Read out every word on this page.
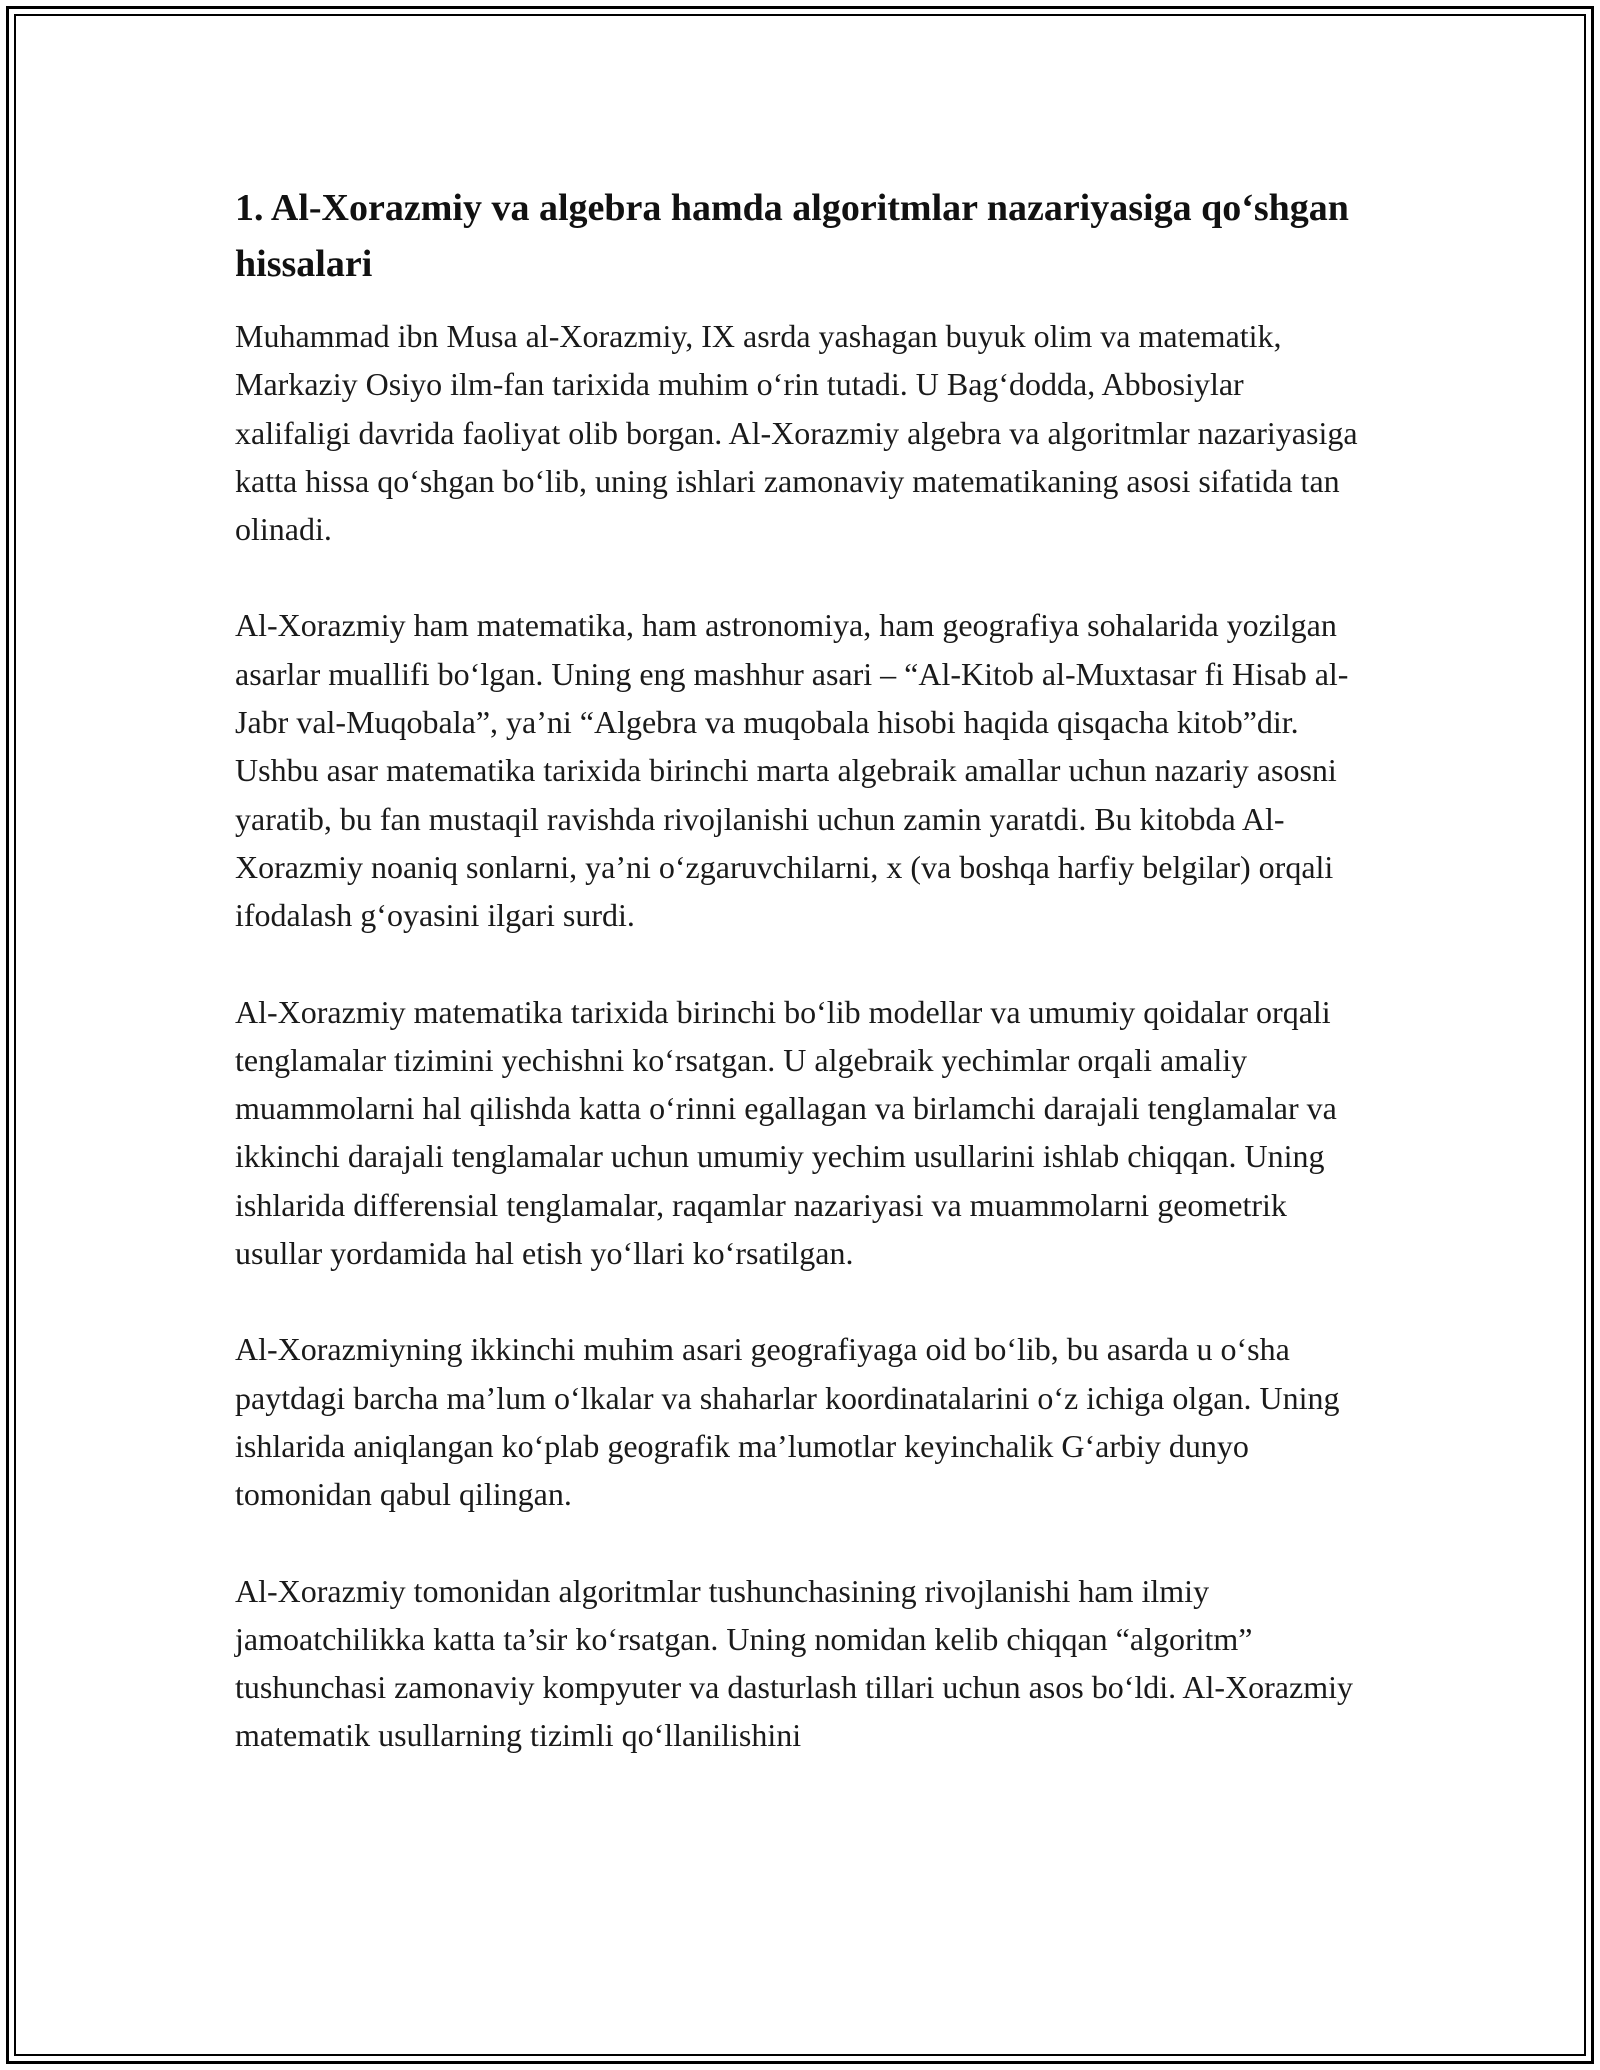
1. Al-Xorazmiy va algebra hamda algoritmlar nazariyasiga qo‘shgan hissalari

Muhammad ibn Musa al-Xorazmiy, IX asrda yashagan buyuk olim va matematik, Markaziy Osiyo ilm-fan tarixida muhim o‘rin tutadi. U Bag‘dodda, Abbosiylar xalifaligi davrida faoliyat olib borgan. Al-Xorazmiy algebra va algoritmlar nazariyasiga katta hissa qo‘shgan bo‘lib, uning ishlari zamonaviy matematikaning asosi sifatida tan olinadi.

Al-Xorazmiy ham matematika, ham astronomiya, ham geografiya sohalarida yozilgan asarlar muallifi bo‘lgan. Uning eng mashhur asari – “Al-Kitob al-Muxtasar fi Hisab al-Jabr val-Muqobala”, ya’ni “Algebra va muqobala hisobi haqida qisqacha kitob”dir. Ushbu asar matematika tarixida birinchi marta algebraik amallar uchun nazariy asosni yaratib, bu fan mustaqil ravishda rivojlanishi uchun zamin yaratdi. Bu kitobda Al-Xorazmiy noaniq sonlarni, ya’ni o‘zgaruvchilarni, x (va boshqa harfiy belgilar) orqali ifodalash g‘oyasini ilgari surdi.

Al-Xorazmiy matematika tarixida birinchi bo‘lib modellar va umumiy qoidalar orqali tenglamalar tizimini yechishni ko‘rsatgan. U algebraik yechimlar orqali amaliy muammolarni hal qilishda katta o‘rinni egallagan va birlamchi darajali tenglamalar va ikkinchi darajali tenglamalar uchun umumiy yechim usullarini ishlab chiqqan. Uning ishlarida differensial tenglamalar, raqamlar nazariyasi va muammolarni geometrik usullar yordamida hal etish yo‘llari ko‘rsatilgan.

Al-Xorazmiyning ikkinchi muhim asari geografiyaga oid bo‘lib, bu asarda u o‘sha paytdagi barcha ma’lum o‘lkalar va shaharlar koordinatalarini o‘z ichiga olgan. Uning ishlarida aniqlangan ko‘plab geografik ma’lumotlar keyinchalik G‘arbiy dunyo tomonidan qabul qilingan.

Al-Xorazmiy tomonidan algoritmlar tushunchasining rivojlanishi ham ilmiy jamoatchilikka katta ta’sir ko‘rsatgan. Uning nomidan kelib chiqqan “algoritm” tushunchasi zamonaviy kompyuter va dasturlash tillari uchun asos bo‘ldi. Al-Xorazmiy matematik usullarning tizimli qo‘llanilishini
